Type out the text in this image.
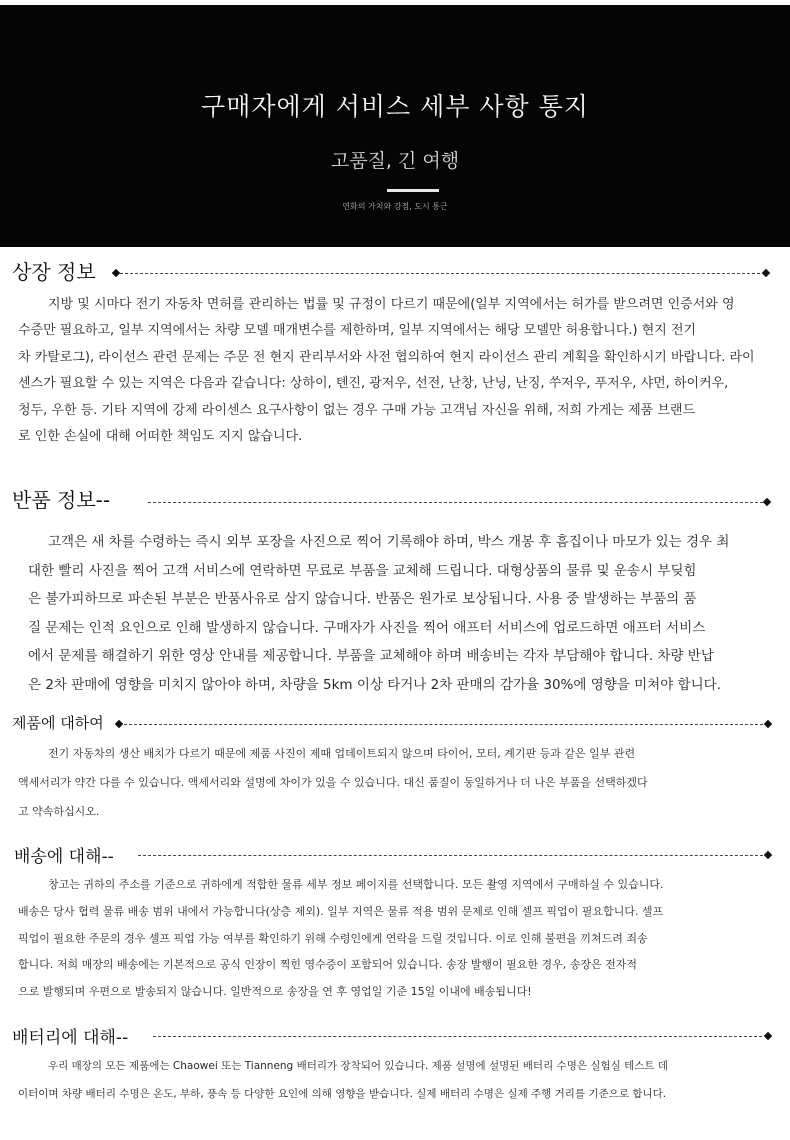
구매자에게 서비스 세부 사항 통지
고품질, 긴 여행
연화의 가치와 강점, 도시 통근
상장 정보

지방 및 시마다 전기 자동차 면허를 관리하는 법률 및 규정이 다르기 때문에(일부 지역에서는 허가를 받으려면 인증서와 영

수증만 필요하고, 일부 지역에서는 차량 모델 매개변수를 제한하며, 일부 지역에서는 해당 모델만 허용합니다.) 현지 전기

차 카탈로그), 라이선스 관련 문제는 주문 전 현지 관리부서와 사전 협의하여 현지 라이선스 관리 계획을 확인하시기 바랍니다. 라이

센스가 필요할 수 있는 지역은 다음과 같습니다: 상하이, 톈진, 광저우, 선전, 난창, 난닝, 난징, 쑤저우, 푸저우, 샤먼, 하이커우,

청두, 우한 등. 기타 지역에 강제 라이센스 요구사항이 없는 경우 구매 가능 고객님 자신을 위해, 저희 가게는 제품 브랜드

로 인한 손실에 대해 어떠한 책임도 지지 않습니다.

반품 정보--

고객은 새 차를 수령하는 즉시 외부 포장을 사진으로 찍어 기록해야 하며, 박스 개봉 후 흠집이나 마모가 있는 경우 최

대한 빨리 사진을 찍어 고객 서비스에 연락하면 무료로 부품을 교체해 드립니다. 대형상품의 물류 및 운송시 부딪힘

은 불가피하므로 파손된 부분은 반품사유로 삼지 않습니다. 반품은 원가로 보상됩니다. 사용 중 발생하는 부품의 품

질 문제는 인적 요인으로 인해 발생하지 않습니다. 구매자가 사진을 찍어 애프터 서비스에 업로드하면 애프터 서비스

에서 문제를 해결하기 위한 영상 안내를 제공합니다. 부품을 교체해야 하며 배송비는 각자 부담해야 합니다. 차량 반납

은 2차 판매에 영향을 미치지 않아야 하며, 차량을 5km 이상 타거나 2차 판매의 감가율 30%에 영향을 미쳐야 합니다.

제품에 대하여

전기 자동차의 생산 배치가 다르기 때문에 제품 사진이 제때 업데이트되지 않으며 타이어, 모터, 계기판 등과 같은 일부 관련

액세서리가 약간 다를 수 있습니다. 액세서리와 설명에 차이가 있을 수 있습니다. 대신 품질이 동일하거나 더 나은 부품을 선택하겠다

고 약속하십시오.

배송에 대해--

창고는 귀하의 주소를 기준으로 귀하에게 적합한 물류 세부 정보 페이지를 선택합니다. 모든 촬영 지역에서 구매하실 수 있습니다.

배송은 당사 협력 물류 배송 범위 내에서 가능합니다(상층 제외). 일부 지역은 물류 적용 범위 문제로 인해 셀프 픽업이 필요합니다. 셀프

픽업이 필요한 주문의 경우 셀프 픽업 가능 여부를 확인하기 위해 수령인에게 연락을 드릴 것입니다. 이로 인해 불편을 끼쳐드려 죄송

합니다. 저희 매장의 배송에는 기본적으로 공식 인장이 찍힌 영수증이 포함되어 있습니다. 송장 발행이 필요한 경우, 송장은 전자적

으로 발행되며 우편으로 발송되지 않습니다. 일반적으로 송장을 연 후 영업일 기준 15일 이내에 배송됩니다!

배터리에 대해--

우리 매장의 모든 제품에는 Chaowei 또는 Tianneng 배터리가 장착되어 있습니다. 제품 설명에 설명된 배터리 수명은 실험실 테스트 데

이터이며 차량 배터리 수명은 온도, 부하, 풍속 등 다양한 요인에 의해 영향을 받습니다. 실제 배터리 수명은 실제 주행 거리를 기준으로 합니다.
